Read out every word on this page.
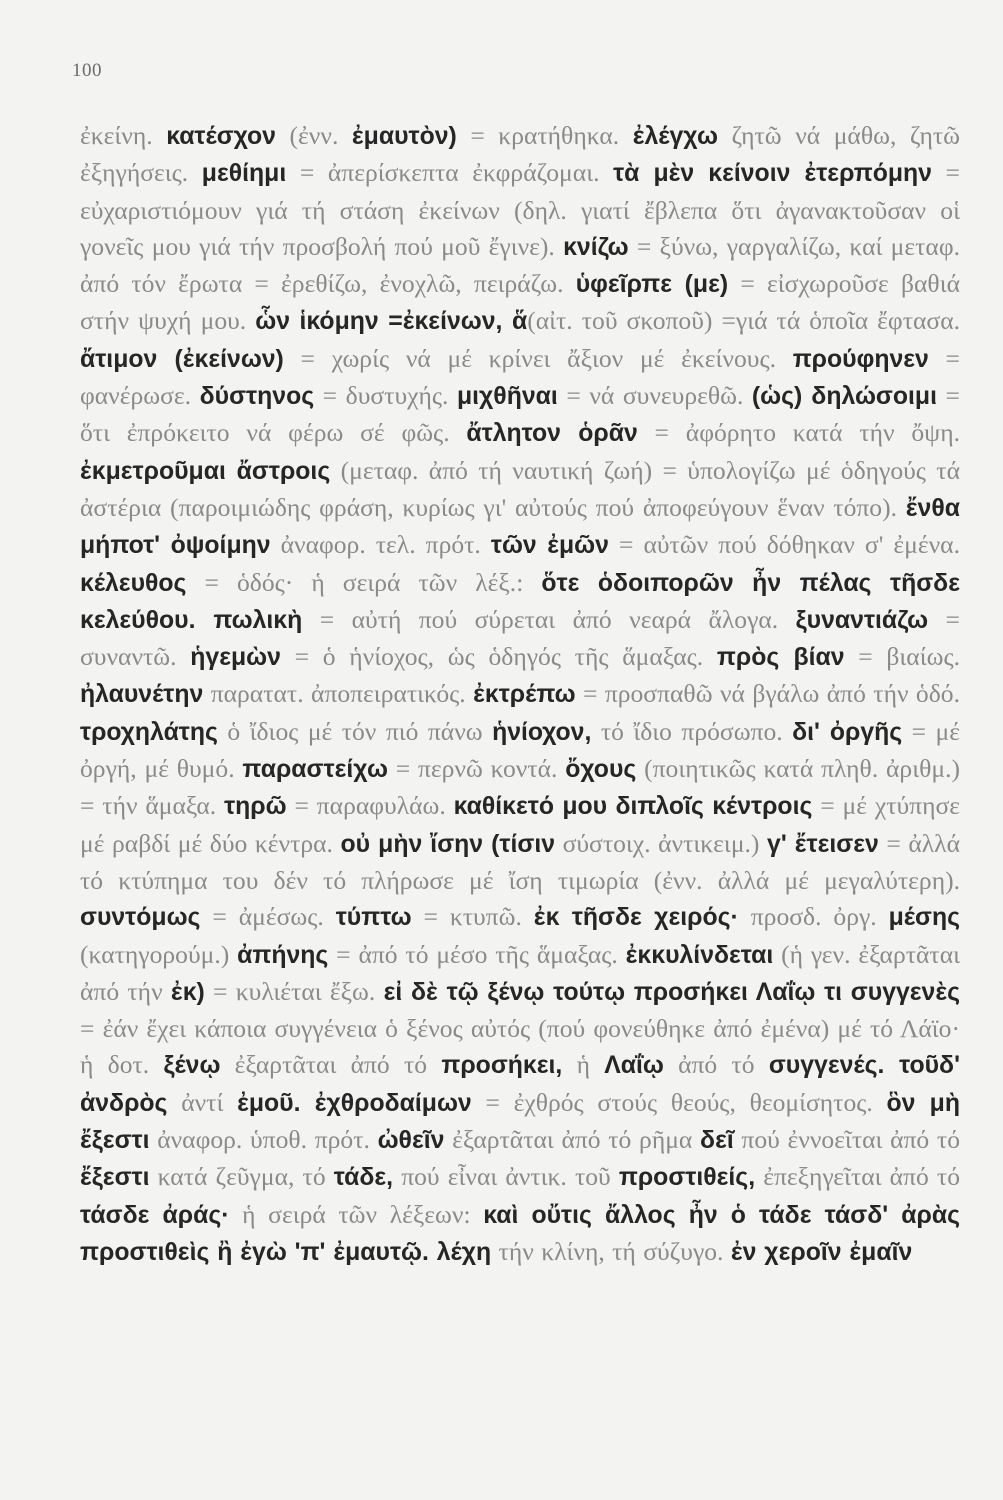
100
ἐκείνη. κατέσχον (ἐνν. ἐμαυτὸν) = κρατήθηκα. ἐλέγχω ζητῶ νά μάθω, ζητῶ ἐξηγήσεις. μεθίημι = ἀπερίσκεπτα ἐκφράζομαι. τὰ μὲν κείνοιν ἐτερπόμην = εὐχαριστιόμουν γιά τή στάση ἐκείνων (δηλ. γιατί ἔβλεπα ὅτι ἀγανακτοῦσαν οἱ γονεῖς μου γιά τήν προσβολή πού μοῦ ἔγινε). κνίζω = ξύνω, γαργαλίζω, καί μεταφ. ἀπό τόν ἔρωτα = ἐρεθίζω, ἐνοχλῶ, πειράζω. ὑφεῖρπε (με) = εἰσχωροῦσε βαθιά στήν ψυχή μου. ὧν ἱκόμην =ἐκείνων, ἅ(αἰτ. τοῦ σκοποῦ) =γιά τά ὁποῖα ἔφτασα. ἄτιμον (ἐκείνων) = χωρίς νά μέ κρίνει ἄξιον μέ ἐκείνους. προύφηνεν = φανέρωσε. δύστηνος = δυστυχής. μιχθῆναι = νά συνευρεθῶ. (ὡς) δηλώσοιμι = ὅτι ἐπρόκειτο νά φέρω σέ φῶς. ἄτλητον ὁρᾶν = ἀφόρητο κατά τήν ὄψη. ἐκμετροῦμαι ἄστροις (μεταφ. ἀπό τή ναυτική ζωή) = ὑπολογίζω μέ ὁδηγούς τά ἀστέρια (παροιμιώδης φράση, κυρίως γι' αὐτούς πού ἀποφεύγουν ἕναν τόπο). ἔνθα μήποτ' ὀψοίμην ἀναφορ. τελ. πρότ. τῶν ἐμῶν = αὐτῶν πού δόθηκαν σ' ἐμένα. κέλευθος = ὁδός· ἡ σειρά τῶν λέξ.: ὅτε ὁδοιπορῶν ἦν πέλας τῆσδε κελεύθου. πωλικὴ = αὐτή πού σύρεται ἀπό νεαρά ἄλογα. ξυναντιάζω = συναντῶ. ἡγεμὼν = ὁ ἡνίοχος, ὡς ὁδηγός τῆς ἅμαξας. πρὸς βίαν = βιαίως. ἠλαυνέτην παρατατ. ἀποπειρατικός. ἐκτρέπω = προσπαθῶ νά βγάλω ἀπό τήν ὁδό. τροχηλάτης ὁ ἴδιος μέ τόν πιό πάνω ἡνίοχον, τό ἴδιο πρόσωπο. δι' ὀργῆς = μέ ὀργή, μέ θυμό. παραστείχω = περνῶ κοντά. ὄχους (ποιητικῶς κατά πληθ. ἀριθμ.) = τήν ἅμαξα. τηρῶ = παραφυλάω. καθίκετό μου διπλοῖς κέντροις = μέ χτύπησε μέ ραβδί μέ δύο κέντρα. οὐ μὴν ἴσην (τίσιν σύστοιχ. ἀντικειμ.) γ' ἔτεισεν = ἀλλά τό κτύπημα του δέν τό πλήρωσε μέ ἴση τιμωρία (ἐνν. ἀλλά μέ μεγαλύτερη). συντόμως = ἀμέσως. τύπτω = κτυπῶ. ἐκ τῆσδε χειρός· προσδ. ὀργ. μέσης (κατηγορούμ.) ἀπήνης = ἀπό τό μέσο τῆς ἅμαξας. ἐκκυλίνδεται (ἡ γεν. ἐξαρτᾶται ἀπό τήν ἐκ) = κυλιέται ἔξω. εἰ δὲ τῷ ξένῳ τούτῳ προσήκει Λαΐῳ τι συγγενὲς = ἐάν ἔχει κάποια συγγένεια ὁ ξένος αὐτός (πού φονεύθηκε ἀπό ἐμένα) μέ τό Λάϊο· ἡ δοτ. ξένῳ ἐξαρτᾶται ἀπό τό προσήκει, ἡ Λαΐῳ ἀπό τό συγγενές. τοῦδ' ἀνδρὸς ἀντί ἐμοῦ. ἐχθροδαίμων = ἐχθρός στούς θεούς, θεομίσητος. ὃν μὴ ἔξεστι ἀναφορ. ὑποθ. πρότ. ὠθεῖν ἐξαρτᾶται ἀπό τό ρῆμα δεῖ πού ἐννοεῖται ἀπό τό ἔξεστι κατά ζεῦγμα, τό τάδε, πού εἶναι ἀντικ. τοῦ προστιθείς, ἐπεξηγεῖται ἀπό τό τάσδε ἀράς· ἡ σειρά τῶν λέξεων: καὶ οὔτις ἄλλος ἦν ὁ τάδε τάσδ' ἀρὰς προστιθεὶς ἢ ἐγὼ 'π' ἐμαυτῷ. λέχη τήν κλίνη, τή σύζυγο. ἐν χεροῖν ἐμαῖν
